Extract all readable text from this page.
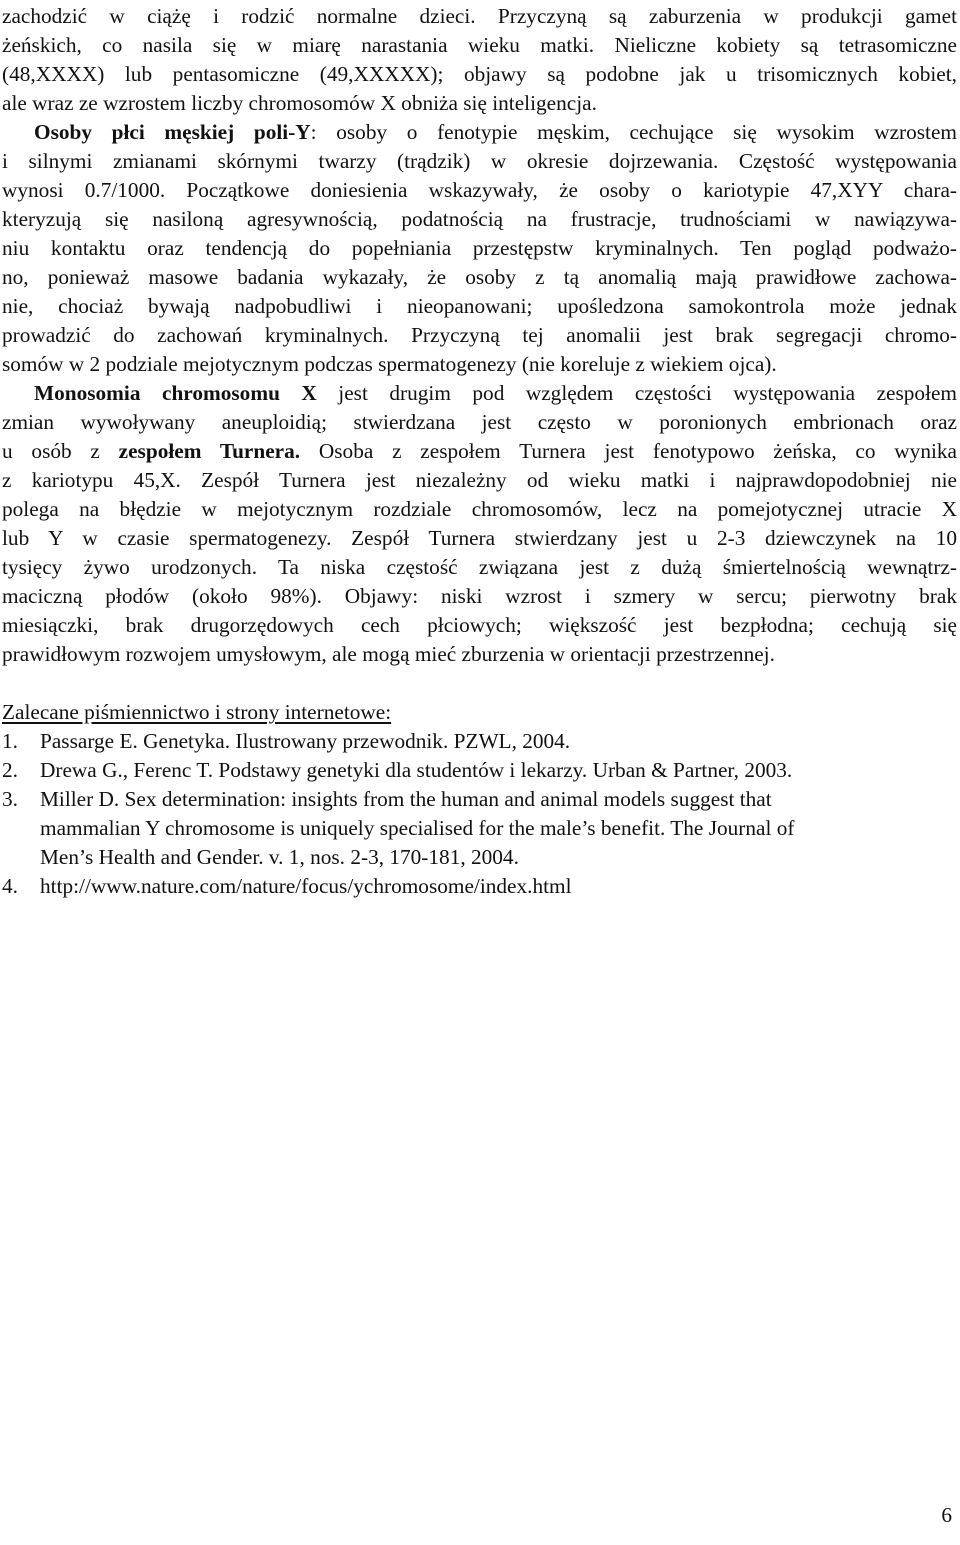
zachodzić w ciążę i rodzić normalne dzieci. Przyczyną są zaburzenia w produkcji gamet
żeńskich, co nasila się w miarę narastania wieku matki. Nieliczne kobiety są tetrasomiczne
(48,XXXX) lub pentasomiczne (49,XXXXX); objawy są podobne jak u trisomicznych kobiet,
ale wraz ze wzrostem liczby chromosomów X obniża się inteligencja.
Osoby płci męskiej poli-Y: osoby o fenotypie męskim, cechujące się wysokim wzrostem
i silnymi zmianami skórnymi twarzy (trądzik) w okresie dojrzewania. Częstość występowania
wynosi 0.7/1000. Początkowe doniesienia wskazywały, że osoby o kariotypie 47,XYY chara-
kteryzują się nasiloną agresywnością, podatnością na frustracje, trudnościami w nawiązywa-
niu kontaktu oraz tendencją do popełniania przestępstw kryminalnych. Ten pogląd podważo-
no, ponieważ masowe badania wykazały, że osoby z tą anomalią mają prawidłowe zachowa-
nie, chociaż bywają nadpobudliwi i nieopanowani; upośledzona samokontrola może jednak
prowadzić do zachowań kryminalnych. Przyczyną tej anomalii jest brak segregacji chromo-
somów w 2 podziale mejotycznym podczas spermatogenezy (nie koreluje z wiekiem ojca).
Monosomia chromosomu X jest drugim pod względem częstości występowania zespołem
zmian wywoływany aneuploidią; stwierdzana jest często w poronionych embrionach oraz
u osób z zespołem Turnera. Osoba z zespołem Turnera jest fenotypowo żeńska, co wynika
z kariotypu 45,X. Zespół Turnera jest niezależny od wieku matki i najprawdopodobniej nie
polega na błędzie w mejotycznym rozdziale chromosomów, lecz na pomejotycznej utracie X
lub Y w czasie spermatogenezy. Zespół Turnera stwierdzany jest u 2-3 dziewczynek na 10
tysięcy żywo urodzonych. Ta niska częstość związana jest z dużą śmiertelnością wewnątrz-
maciczną płodów (około 98%). Objawy: niski wzrost i szmery w sercu; pierwotny brak
miesiączki, brak drugorzędowych cech płciowych; większość jest bezpłodna; cechują się
prawidłowym rozwojem umysłowym, ale mogą mieć zburzenia w orientacji przestrzennej.
Zalecane piśmiennictwo i strony internetowe:
1. Passarge E. Genetyka. Ilustrowany przewodnik. PZWL, 2004.
2. Drewa G., Ferenc T. Podstawy genetyki dla studentów i lekarzy. Urban & Partner, 2003.
3. Miller D. Sex determination: insights from the human and animal models suggest that
mammalian Y chromosome is uniquely specialised for the male’s benefit. The Journal of
Men’s Health and Gender. v. 1, nos. 2-3, 170-181, 2004.
4. http://www.nature.com/nature/focus/ychromosome/index.html
6
